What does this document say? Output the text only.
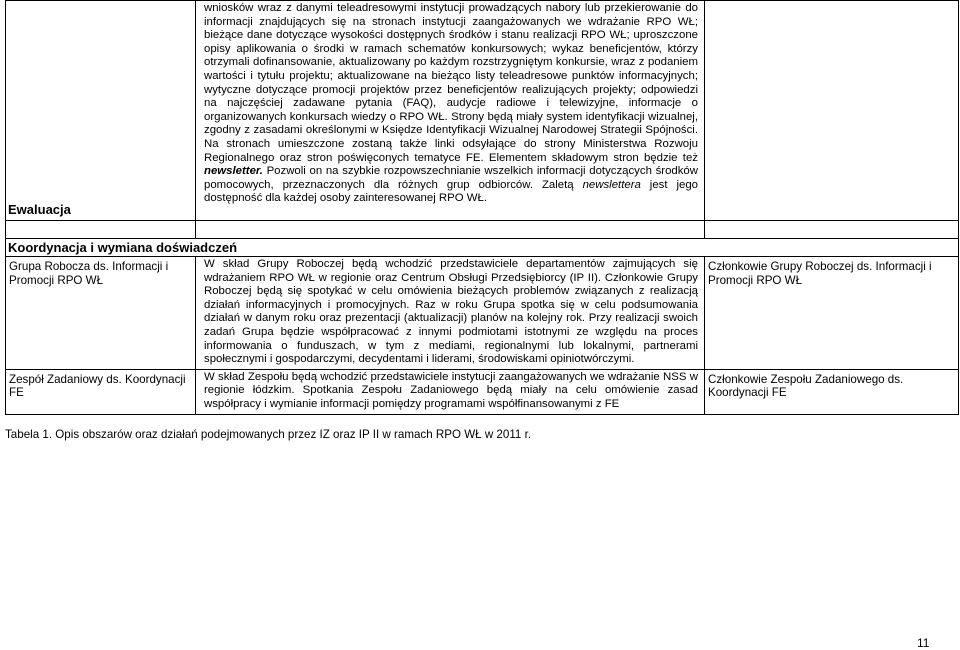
Ewaluacja	wniosków wraz z danymi teleadresowymi instytucji prowadzących nabory lub przekierowanie do informacji znajdujących się na stronach instytucji zaangażowanych we wdrażanie RPO WŁ; bieżące dane dotyczące wysokości dostępnych środków i stanu realizacji RPO WŁ; uproszczone opisy aplikowania o środki w ramach schematów konkursowych; wykaz beneficjentów, którzy otrzymali dofinansowanie, aktualizowany po każdym rozstrzygniętym konkursie, wraz z podaniem wartości i tytułu projektu; aktualizowane na bieżąco listy teleadresowe punktów informacyjnych; wytyczne dotyczące promocji projektów przez beneficjentów realizujących projekty; odpowiedzi na najczęściej zadawane pytania (FAQ), audycje radiowe i telewizyjne, informacje o organizowanych konkursach wiedzy o RPO WŁ. Strony będą miały system identyfikacji wizualnej, zgodny z zasadami określonymi w Księdze Identyfikacji Wizualnej Narodowej Strategii Spójności. Na stronach umieszczone zostaną także linki odsyłające do strony Ministerstwa Rozwoju Regionalnego oraz stron poświęconych tematyce FE. Elementem składowym stron będzie też newsletter. Pozwoli on na szybkie rozpowszechnianie wszelkich informacji dotyczących środków pomocowych, przeznaczonych dla różnych grup odbiorców. Zaletą newslettera jest jego dostępność dla każdej osoby zainteresowanej RPO WŁ.	

Koordynacja i wymiana doświadczeń		

Grupa Robocza ds. Informacji i Promocji RPO WŁ	W skład Grupy Roboczej będą wchodzić przedstawiciele departamentów zajmujących się wdrażaniem RPO WŁ w regionie oraz Centrum Obsługi Przedsiębiorcy (IP II). Członkowie Grupy Roboczej będą się spotykać w celu omówienia bieżących problemów związanych z realizacją działań informacyjnych i promocyjnych. Raz w roku Grupa spotka się w celu podsumowania działań w danym roku oraz prezentacji (aktualizacji) planów na kolejny rok. Przy realizacji swoich zadań Grupa będzie współpracować z innymi podmiotami istotnymi ze względu na proces informowania o funduszach, w tym z mediami, regionalnymi lub lokalnymi, partnerami społecznymi i gospodarczymi, decydentami i liderami, środowiskami opiniotwórczymi.	Członkowie Grupy Roboczej ds. Informacji i Promocji RPO WŁ

Zespół Zadaniowy ds. Koordynacji FE	W skład Zespołu będą wchodzić przedstawiciele instytucji zaangażowanych we wdrażanie NSS w regionie łódzkim. Spotkania Zespołu Zadaniowego będą miały na celu omówienie zasad współpracy i wymianie informacji pomiędzy programami współfinansowanymi z FE	Członkowie Zespołu Zadaniowego ds. Koordynacji FE
Tabela 1. Opis obszarów oraz działań podejmowanych przez IZ oraz IP II w ramach RPO WŁ w 2011 r.
11
